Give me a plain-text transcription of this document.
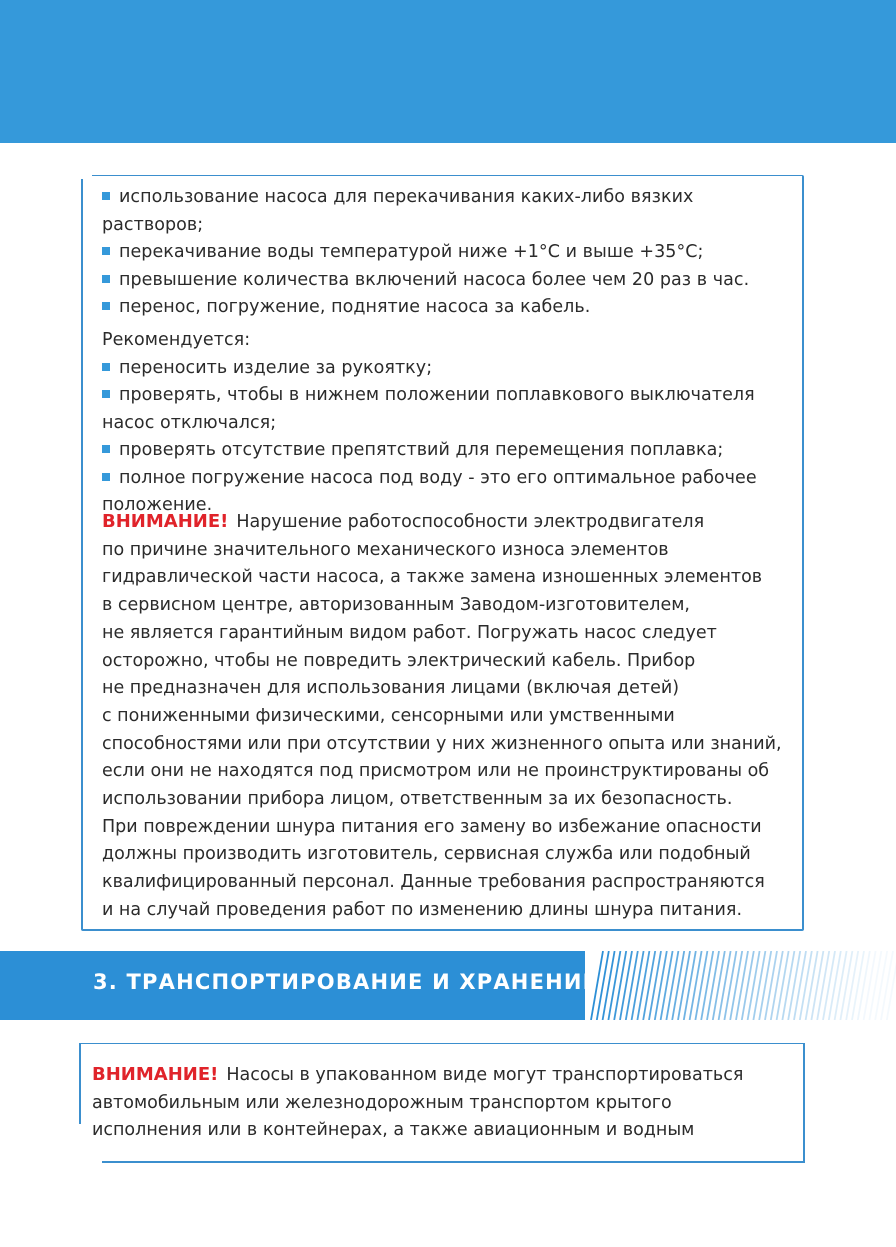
использование насоса для перекачивания каких-либо вязких
растворов;
перекачивание воды температурой ниже +1°С и выше +35°С;
превышение количества включений насоса более чем 20 раз в час.
перенос, погружение, поднятие насоса за кабель.
Рекомендуется:
переносить изделие за рукоятку;
проверять, чтобы в нижнем положении поплавкового выключателя
насос отключался;
проверять отсутствие препятствий для перемещения поплавка;
полное погружение насоса под воду - это его оптимальное рабочее
положение.
ВНИМАНИЕ! Нарушение работоспособности электродвигателя
по причине значительного механического износа элементов
гидравлической части насоса, а также замена изношенных элементов
в сервисном центре, авторизованным Заводом-изготовителем,
не является гарантийным видом работ. Погружать насос следует
осторожно, чтобы не повредить электрический кабель. Прибор
не предназначен для использования лицами (включая детей)
с пониженными физическими, сенсорными или умственными
способностями или при отсутствии у них жизненного опыта или знаний,
если они не находятся под присмотром или не проинструктированы об
использовании прибора лицом, ответственным за их безопасность.
При повреждении шнура питания его замену во избежание опасности
должны производить изготовитель, сервисная служба или подобный
квалифицированный персонал. Данные требования распространяются
и на случай проведения работ по изменению длины шнура питания.
3. ТРАНСПОРТИРОВАНИЕ И ХРАНЕНИЕ
ВНИМАНИЕ! Насосы в упакованном виде могут транспортироваться
автомобильным или железнодорожным транспортом крытого
исполнения или в контейнерах, а также авиационным и водным
